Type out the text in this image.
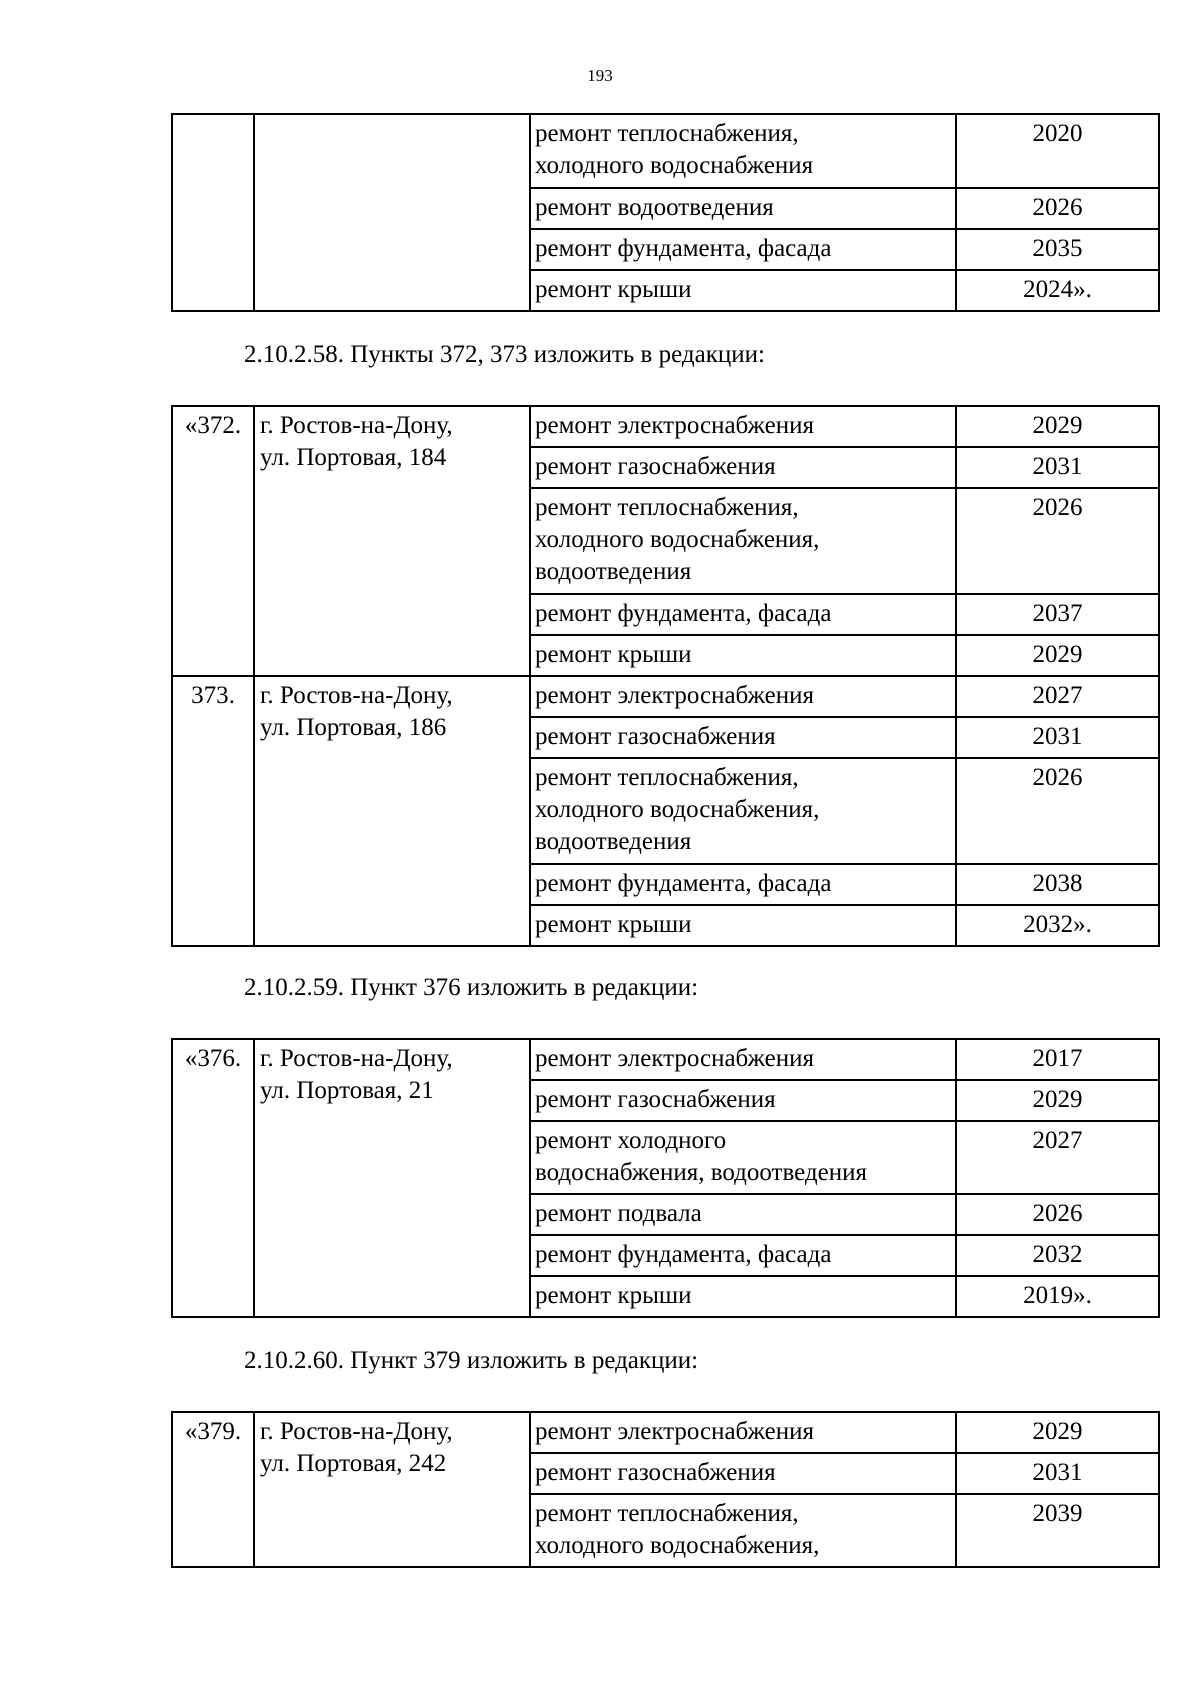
193
		ремонт теплоснабжения,
холодного водоснабжения	2020
		ремонт водоотведения	2026
		ремонт фундамента, фасада	2035
		ремонт крыши	2024».
2.10.2.58. Пункты 372, 373 изложить в редакции:
«372.	г. Ростов-на-Дону,
ул. Портовая, 184	ремонт электроснабжения	2029
		ремонт газоснабжения	2031
		ремонт теплоснабжения,
холодного водоснабжения,
водоотведения	2026
		ремонт фундамента, фасада	2037
		ремонт крыши	2029
373.	г. Ростов-на-Дону,
ул. Портовая, 186	ремонт электроснабжения	2027
		ремонт газоснабжения	2031
		ремонт теплоснабжения,
холодного водоснабжения,
водоотведения	2026
		ремонт фундамента, фасада	2038
		ремонт крыши	2032».
2.10.2.59. Пункт 376 изложить в редакции:
«376.	г. Ростов-на-Дону,
ул. Портовая, 21	ремонт электроснабжения	2017
		ремонт газоснабжения	2029
		ремонт холодного
водоснабжения, водоотведения	2027
		ремонт подвала	2026
		ремонт фундамента, фасада	2032
		ремонт крыши	2019».
2.10.2.60. Пункт 379 изложить в редакции:
«379.	г. Ростов-на-Дону,
ул. Портовая, 242	ремонт электроснабжения	2029
		ремонт газоснабжения	2031
		ремонт теплоснабжения,
холодного водоснабжения,	2039
